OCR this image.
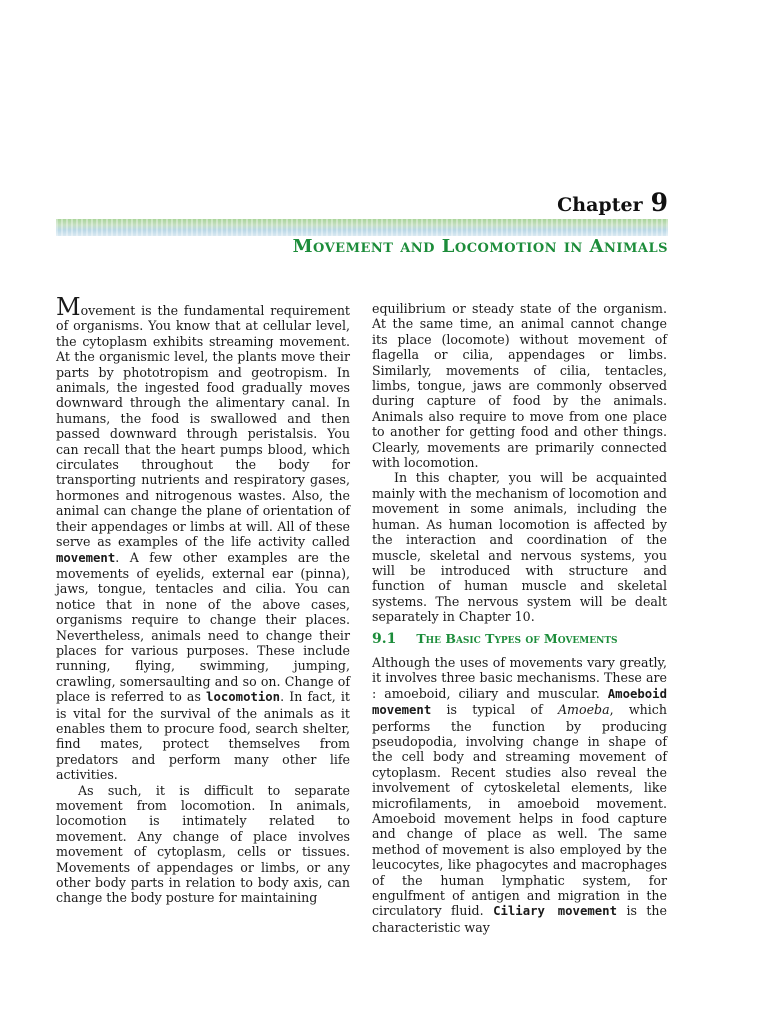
Chapter 9
Movement and Locomotion in Animals

Movement is the fundamental requirement of organisms. You know that at cellular level, the cytoplasm exhibits streaming movement. At the organismic level, the plants move their parts by phototropism and geotropism. In animals, the ingested food gradually moves downward through the alimentary canal. In humans, the food is swallowed and then passed downward through peristalsis. You can recall that the heart pumps blood, which circulates throughout the body for transporting nutrients and respiratory gases, hormones and nitrogenous wastes. Also, the animal can change the plane of orientation of their appendages or limbs at will. All of these serve as examples of the life activity called movement. A few other examples are the movements of eyelids, external ear (pinna), jaws, tongue, tentacles and cilia. You can notice that in none of the above cases, organisms require to change their places. Nevertheless, animals need to change their places for various purposes. These include running, flying, swimming, jumping, crawling, somersaulting and so on. Change of place is referred to as locomotion. In fact, it is vital for the survival of the animals as it enables them to procure food, search shelter, find mates, protect themselves from predators and perform many other life activities.

As such, it is difficult to separate movement from locomotion. In animals, locomotion is intimately related to movement. Any change of place involves movement of cytoplasm, cells or tissues. Movements of appendages or limbs, or any other body parts in relation to body axis, can change the body posture for maintaining

equilibrium or steady state of the organism. At the same time, an animal cannot change its place (locomote) without movement of flagella or cilia, appendages or limbs. Similarly, movements of cilia, tentacles, limbs, tongue, jaws are commonly observed during capture of food by the animals. Animals also require to move from one place to another for getting food and other things. Clearly, movements are primarily connected with locomotion.

In this chapter, you will be acquainted mainly with the mechanism of locomotion and movement in some animals, including the human. As human locomotion is affected by the interaction and coordination of the muscle, skeletal and nervous systems, you will be introduced with structure and function of human muscle and skeletal systems. The nervous system will be dealt separately in Chapter 10.

9.1 The Basic Types of Movements

Although the uses of movements vary greatly, it involves three basic mechanisms. These are : amoeboid, ciliary and muscular. Amoeboid movement is typical of Amoeba, which performs the function by producing pseudopodia, involving change in shape of the cell body and streaming movement of cytoplasm. Recent studies also reveal the involvement of cytoskeletal elements, like microfilaments, in amoeboid movement. Amoeboid movement helps in food capture and change of place as well. The same method of movement is also employed by the leucocytes, like phagocytes and macrophages of the human lymphatic system, for engulfment of antigen and migration in the circulatory fluid. Ciliary movement is the characteristic way
